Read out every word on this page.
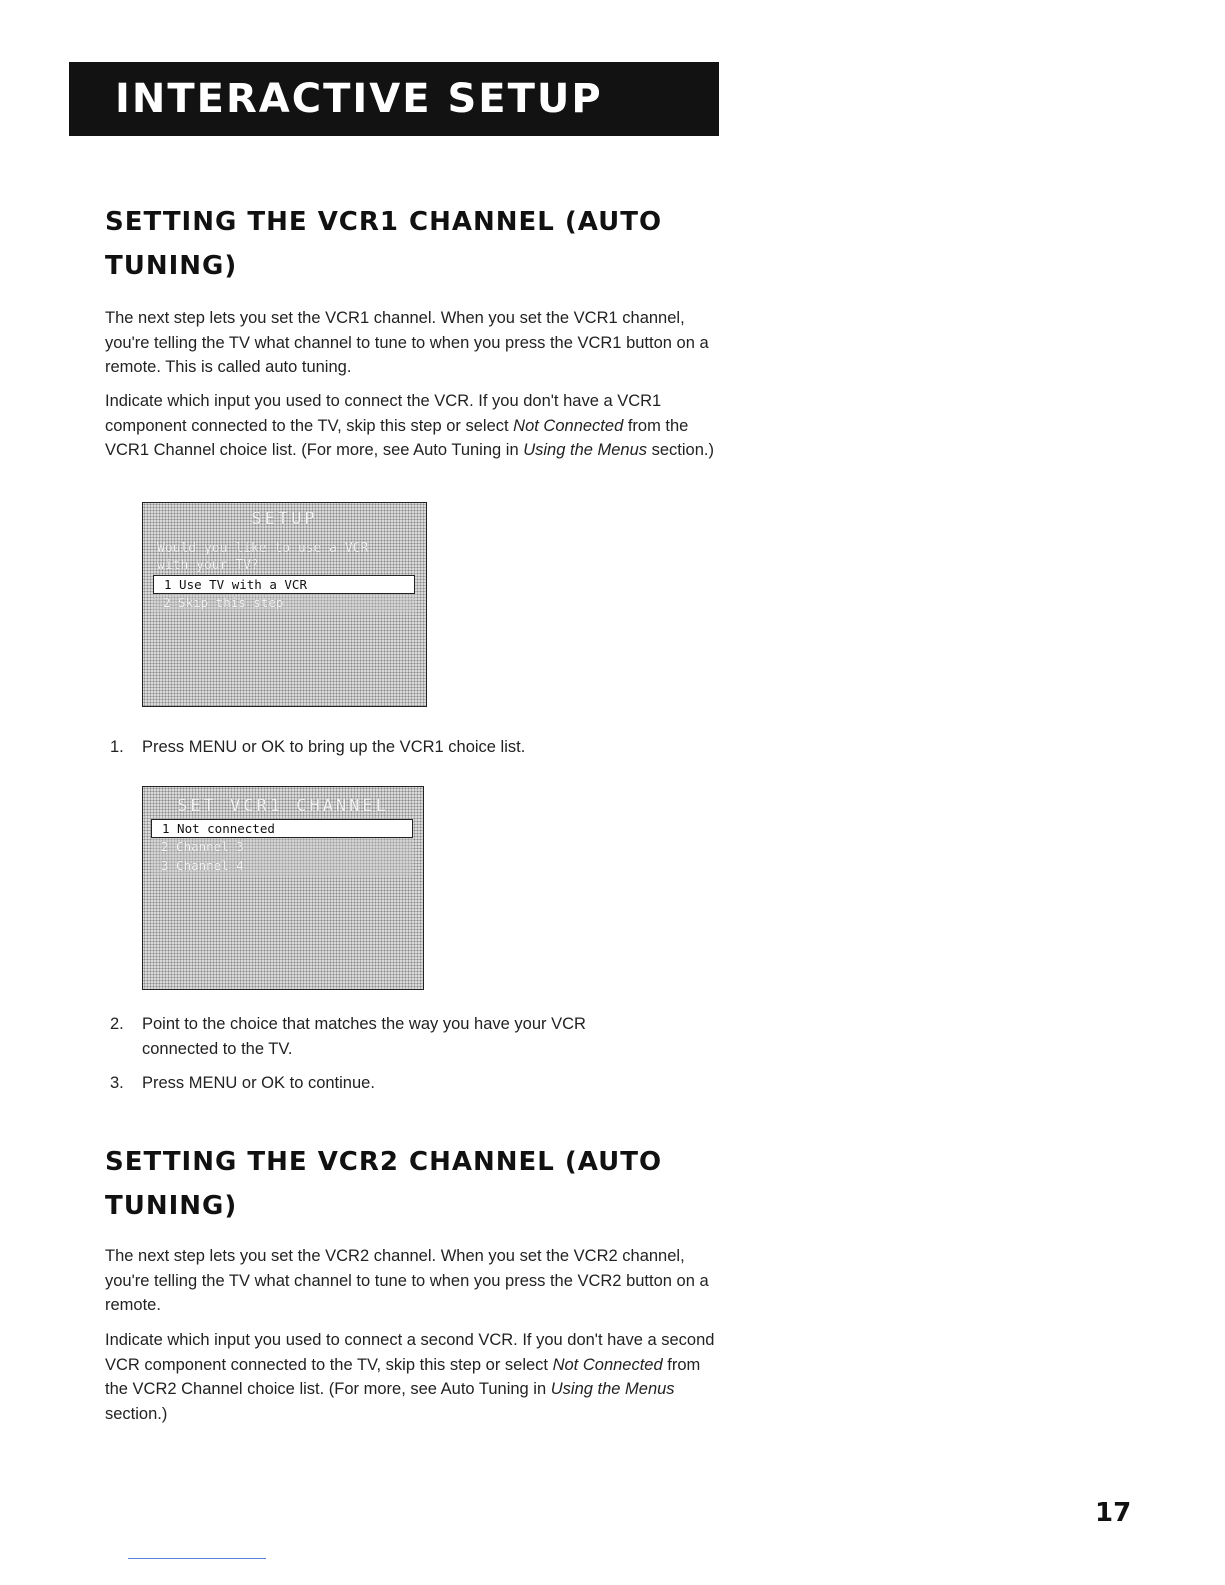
INTERACTIVE SETUP
SETTING THE VCR1 CHANNEL (AUTO TUNING)

The next step lets you set the VCR1 channel. When you set the VCR1 channel, you're telling the TV what channel to tune to when you press the VCR1 button on a remote. This is called auto tuning.

Indicate which input you used to connect the VCR. If you don't have a VCR1 component connected to the TV, skip this step or select Not Connected from the VCR1 Channel choice list. (For more, see Auto Tuning in Using the Menus section.)

SETUP
Would you like to use a VCR
with your TV?
1 Use TV with a VCR
2 Skip this step
1.	Press MENU or OK to bring up the VCR1 choice list.
SET VCR1 CHANNEL
1 Not connected
2 Channel 3
3 Channel 4
2.	Point to the choice that matches the way you have your VCR connected to the TV.
3.	Press MENU or OK to continue.
SETTING THE VCR2 CHANNEL (AUTO TUNING)

The next step lets you set the VCR2 channel. When you set the VCR2 channel, you're telling the TV what channel to tune to when you press the VCR2 button on a remote.

Indicate which input you used to connect a second VCR. If you don't have a second VCR component connected to the TV, skip this step or select Not Connected from the VCR2 Channel choice list. (For more, see Auto Tuning in Using the Menus section.)

17
